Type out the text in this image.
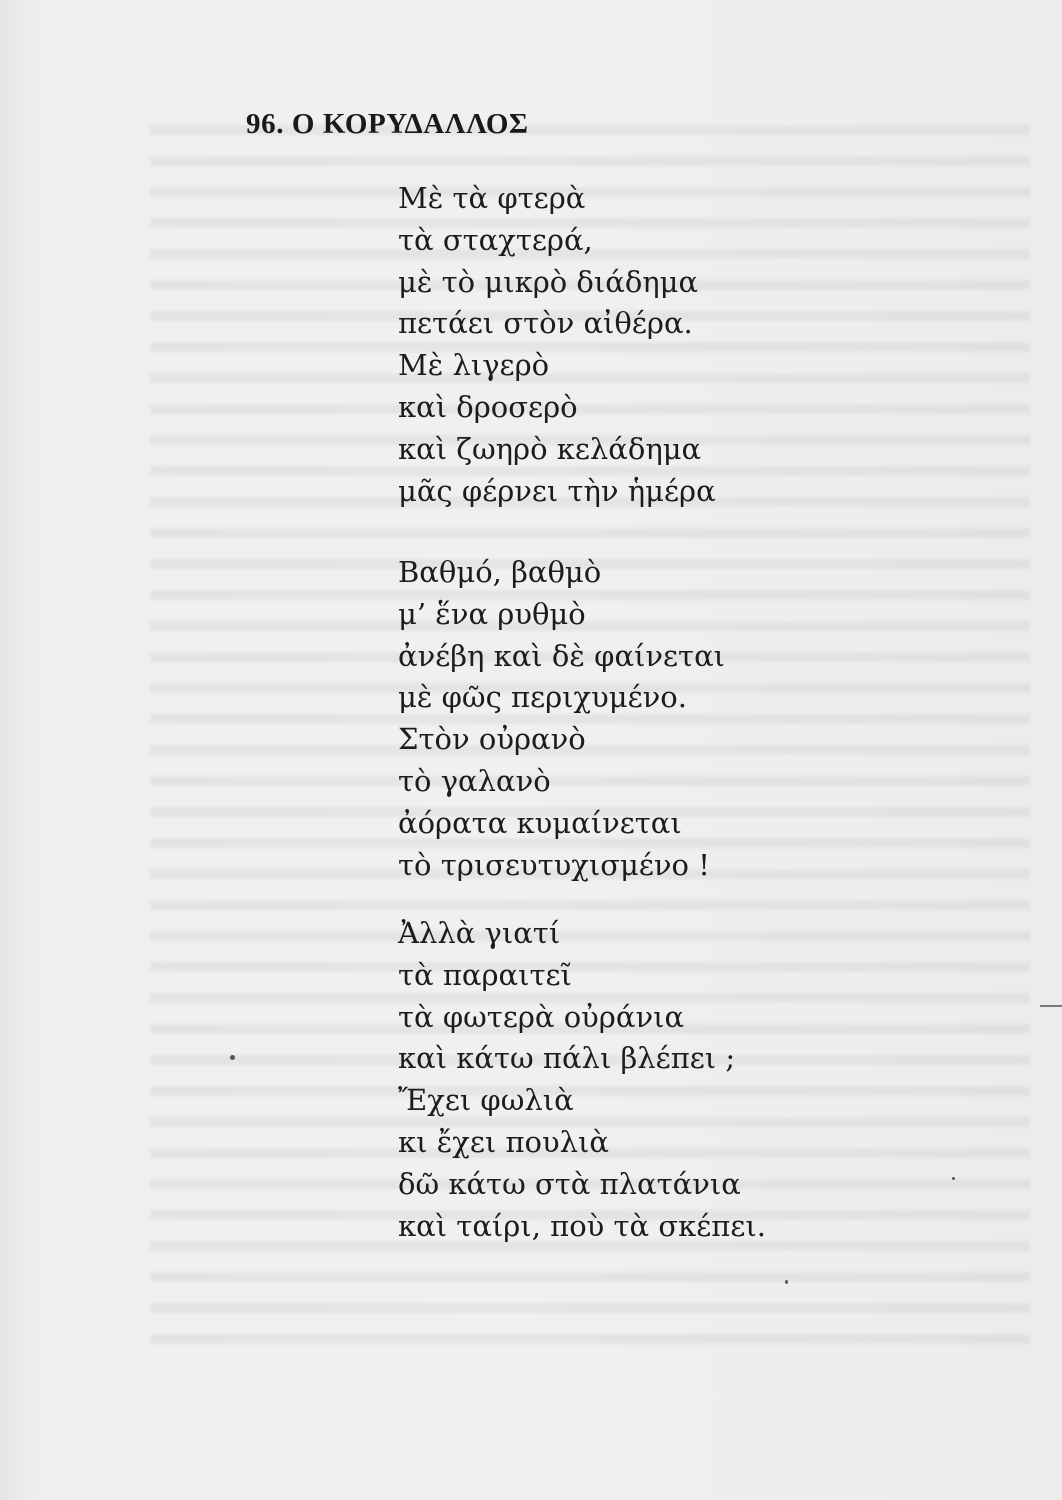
96. Ο ΚΟΡΥΔΑΛΛΟΣ
Μὲ τὰ φτερὰ
τὰ σταχτερά,
μὲ τὸ μικρὸ διάδημα
πετάει στὸν αἰθέρα.
Μὲ λιγερὸ
καὶ δροσερὸ
καὶ ζωηρὸ κελάδημα
μᾶς φέρνει τὴν ἡμέρα
Βαθμό, βαθμὸ
μ’ ἕνα ρυθμὸ
ἀνέβη καὶ δὲ φαίνεται
μὲ φῶς περιχυμένο.
Στὸν οὐρανὸ
τὸ γαλανὸ
ἀόρατα κυμαίνεται
τὸ τρισευτυχισμένο !
Ἀλλὰ γιατί
τὰ παραιτεῖ
τὰ φωτερὰ οὐράνια
καὶ κάτω πάλι βλέπει ;
Ἔχει φωλιὰ
κι ἔχει πουλιὰ
δῶ κάτω στὰ πλατάνια
καὶ ταίρι, ποὺ τὰ σκέπει.
